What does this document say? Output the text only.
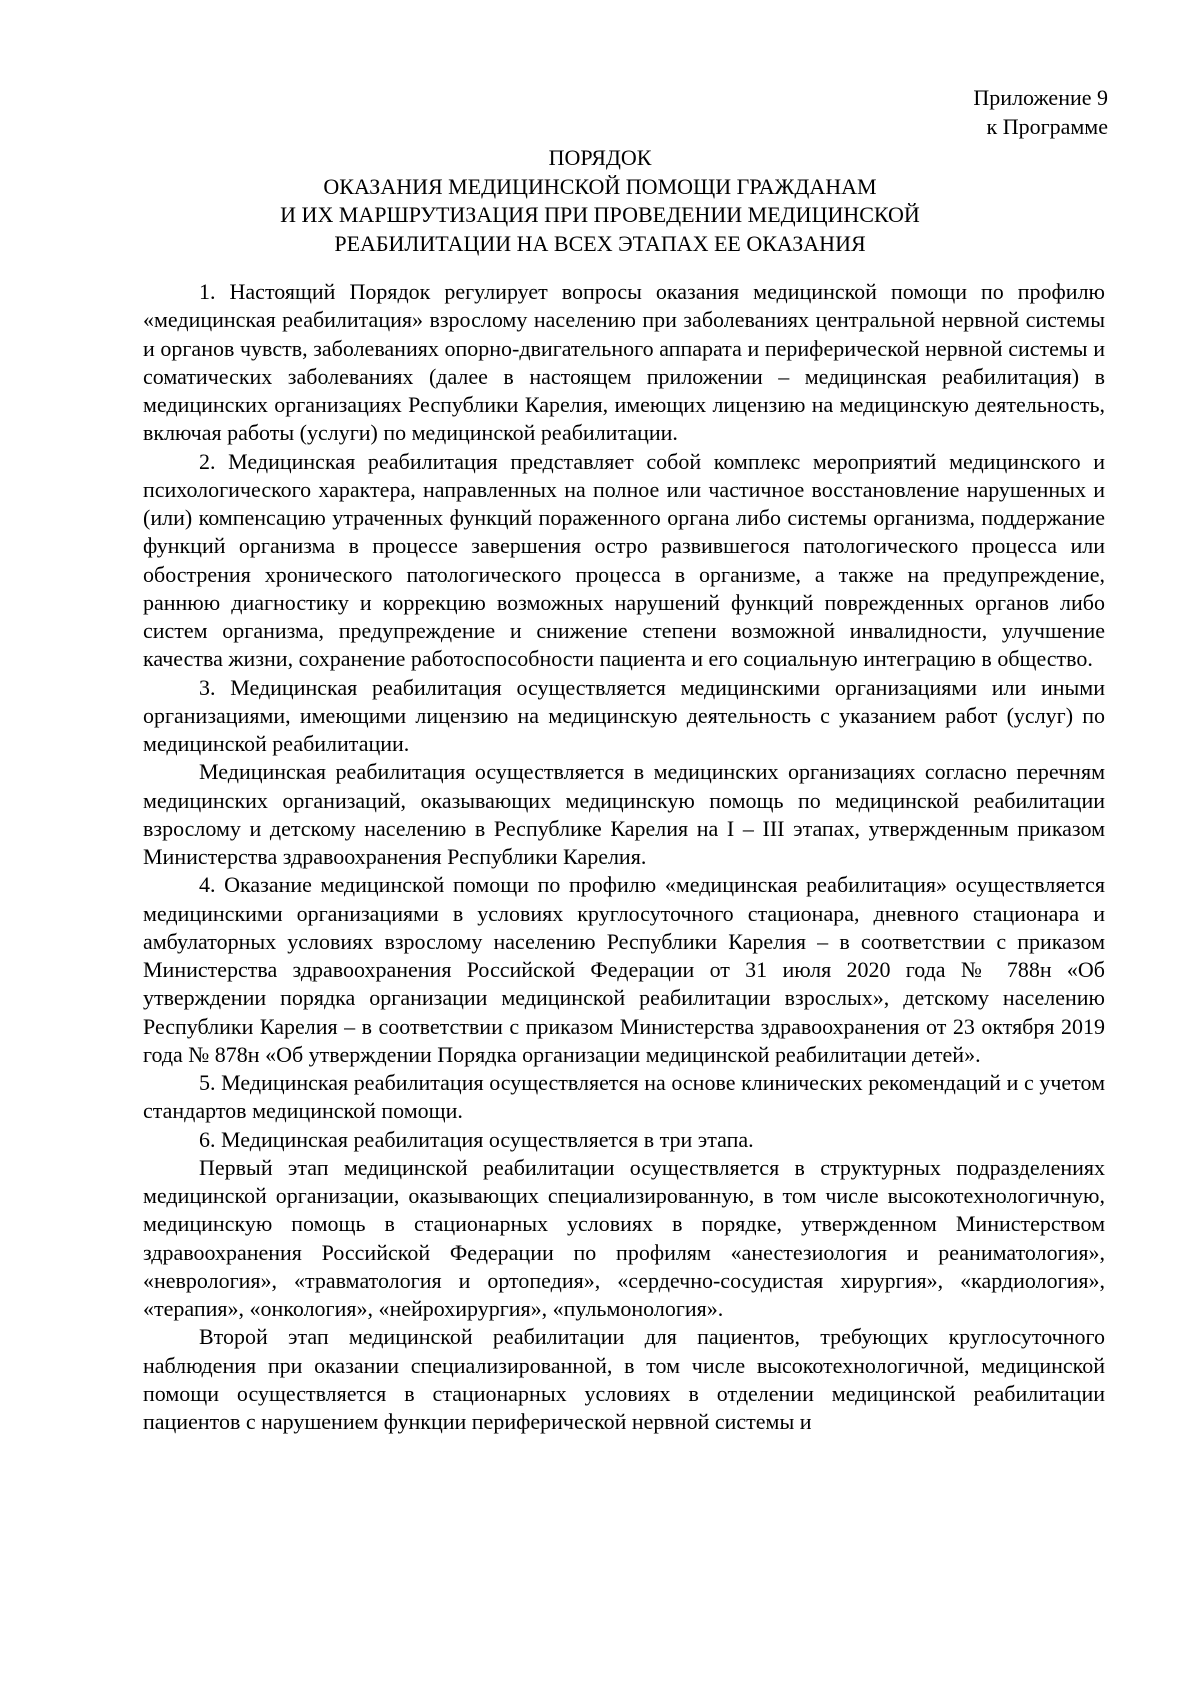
Приложение 9
к Программе
ПОРЯДОК
ОКАЗАНИЯ МЕДИЦИНСКОЙ ПОМОЩИ ГРАЖДАНАМ
И ИХ МАРШРУТИЗАЦИЯ ПРИ ПРОВЕДЕНИИ МЕДИЦИНСКОЙ
РЕАБИЛИТАЦИИ НА ВСЕХ ЭТАПАХ ЕЕ ОКАЗАНИЯ

1. Настоящий Порядок регулирует вопросы оказания медицинской помощи по профилю «медицинская реабилитация» взрослому населению при заболеваниях центральной нервной системы и органов чувств, заболеваниях опорно-двигательного аппарата и периферической нервной системы и соматических заболеваниях (далее в настоящем приложении – медицинская реабилитация) в медицинских организациях Республики Карелия, имеющих лицензию на медицинскую деятельность, включая работы (услуги) по медицинской реабилитации.

2. Медицинская реабилитация представляет собой комплекс мероприятий медицинского и психологического характера, направленных на полное или частичное восстановление нарушенных и (или) компенсацию утраченных функций пораженного органа либо системы организма, поддержание функций организма в процессе завершения остро развившегося патологического процесса или обострения хронического патологического процесса в организме, а также на предупреждение, раннюю диагностику и коррекцию возможных нарушений функций поврежденных органов либо систем организма, предупреждение и снижение степени возможной инвалидности, улучшение качества жизни, сохранение работоспособности пациента и его социальную интеграцию в общество.

3. Медицинская реабилитация осуществляется медицинскими организациями или иными организациями, имеющими лицензию на медицинскую деятельность с указанием работ (услуг) по медицинской реабилитации.

Медицинская реабилитация осуществляется в медицинских организациях согласно перечням медицинских организаций, оказывающих медицинскую помощь по медицинской реабилитации взрослому и детскому населению в Республике Карелия на I – III этапах, утвержденным приказом Министерства здравоохранения Республики Карелия.

4. Оказание медицинской помощи по профилю «медицинская реабилитация» осуществляется медицинскими организациями в условиях круглосуточного стационара, дневного стационара и амбулаторных условиях взрослому населению Республики Карелия – в соответствии с приказом Министерства здравоохранения Российской Федерации от 31 июля 2020 года № 788н «Об утверждении порядка организации медицинской реабилитации взрослых», детскому населению Республики Карелия – в соответствии с приказом Министерства здравоохранения от 23 октября 2019 года № 878н «Об утверждении Порядка организации медицинской реабилитации детей».

5. Медицинская реабилитация осуществляется на основе клинических рекомендаций и с учетом стандартов медицинской помощи.

6. Медицинская реабилитация осуществляется в три этапа.

Первый этап медицинской реабилитации осуществляется в структурных подразделениях медицинской организации, оказывающих специализированную, в том числе высокотехнологичную, медицинскую помощь в стационарных условиях в порядке, утвержденном Министерством здравоохранения Российской Федерации по профилям «анестезиология и реаниматология», «неврология», «травматология и ортопедия», «сердечно-сосудистая хирургия», «кардиология», «терапия», «онкология», «нейрохирургия», «пульмонология».

Второй этап медицинской реабилитации для пациентов, требующих круглосуточного наблюдения при оказании специализированной, в том числе высокотехнологичной, медицинской помощи осуществляется в стационарных условиях в отделении медицинской реабилитации пациентов с нарушением функции периферической нервной системы и
